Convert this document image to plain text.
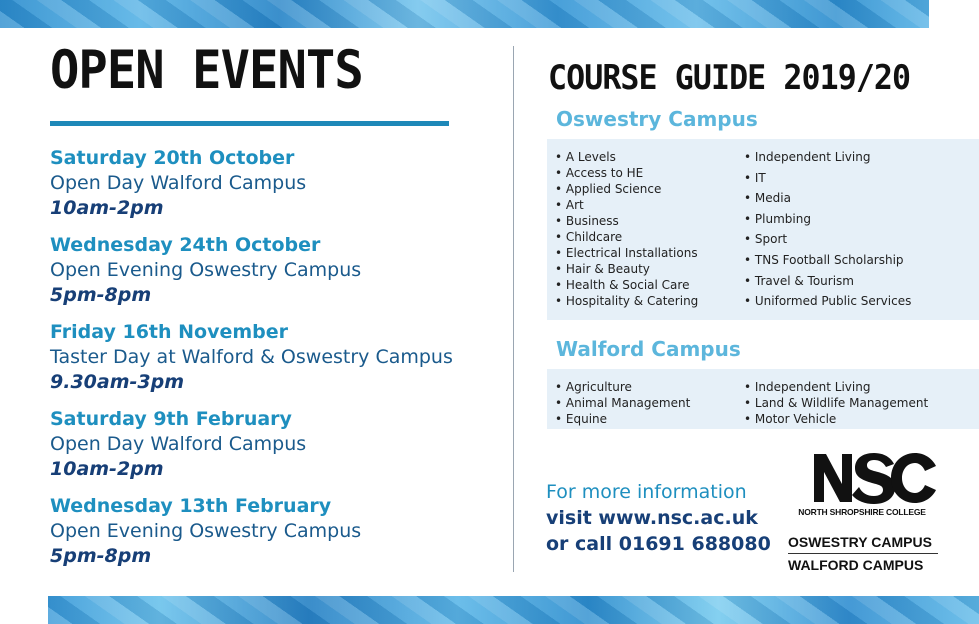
OPEN EVENTS
Saturday 20th October
Open Day Walford Campus
10am-2pm
Wednesday 24th October
Open Evening Oswestry Campus
5pm-8pm
Friday 16th November
Taster Day at Walford & Oswestry Campus
9.30am-3pm
Saturday 9th February
Open Day Walford Campus
10am-2pm
Wednesday 13th February
Open Evening Oswestry Campus
5pm-8pm
COURSE GUIDE 2019/20
Oswestry Campus
• A Levels
• Access to HE
• Applied Science
• Art
• Business
• Childcare
• Electrical Installations
• Hair & Beauty
• Health & Social Care
• Hospitality & Catering
• Independent Living
• IT
• Media
• Plumbing
• Sport
• TNS Football Scholarship
• Travel & Tourism
• Uniformed Public Services
Walford Campus
• Agriculture
• Animal Management
• Equine
• Independent Living
• Land & Wildlife Management
• Motor Vehicle
For more information
visit www.nsc.ac.uk
or call 01691 688080
NORTH SHROPSHIRE COLLEGE
OSWESTRY CAMPUS
WALFORD CAMPUS
